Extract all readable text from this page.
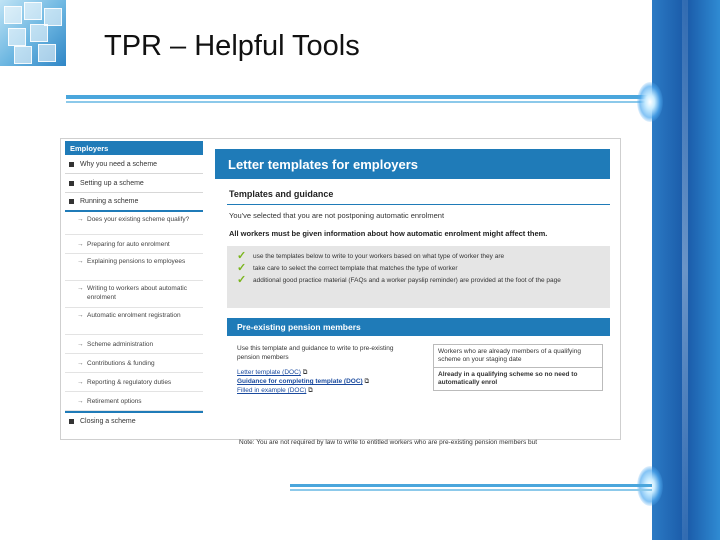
TPR – Helpful Tools
Employers
Why you need a scheme
Setting up a scheme
Running a scheme
→ Does your existing scheme qualify?
→ Preparing for auto enrolment
→ Explaining pensions to employees
→ Writing to workers about automatic enrolment
→ Automatic enrolment registration
→ Scheme administration
→ Contributions & funding
→ Reporting & regulatory duties
→ Retirement options
Closing a scheme
Letter templates for employers
Templates and guidance
You've selected that you are not postponing automatic enrolment
All workers must be given information about how automatic enrolment might affect them.
✓	use the templates below to write to your workers based on what type of worker they are
✓	take care to select the correct template that matches the type of worker
✓	additional good practice material (FAQs and a worker payslip reminder) are provided at the foot of the page
Pre-existing pension members
Use this template and guidance to write to pre-existing pension members
Letter template (DOC) ⧉
Guidance for completing template (DOC) ⧉
Filled in example (DOC) ⧉
Workers who are already members of a qualifying scheme on your staging date
Already in a qualifying scheme so no need to automatically enrol
Note: You are not required by law to write to entitled workers who are pre-existing pension members but
